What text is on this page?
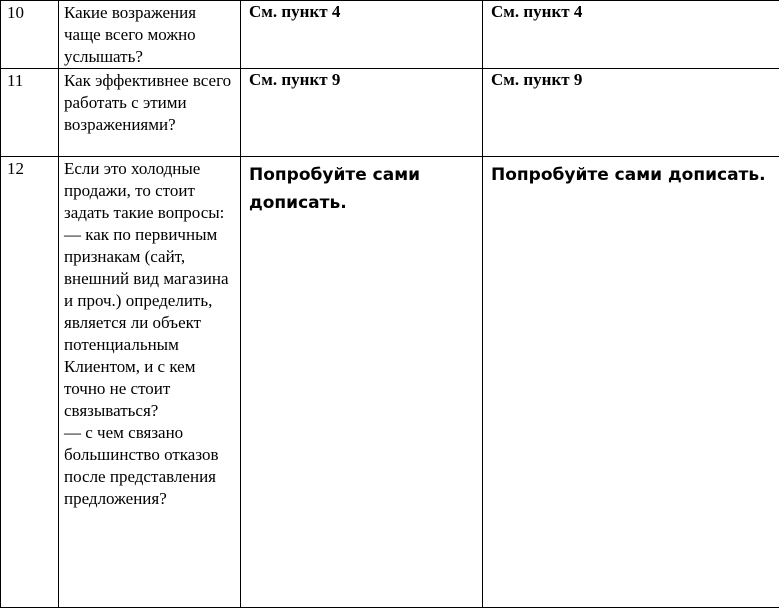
10	Какие возражения чаще всего можно услышать?	См. пункт 4	См. пункт 4

11	Как эффективнее всего работать с этими возражениями?	См. пункт 9	См. пункт 9

12	Если это холодные продажи, то стоит задать такие вопросы:
— как по первичным признакам (сайт, внешний вид магазина и проч.) определить, является ли объект потенциальным Клиентом, и с кем точно не стоит связываться?
— с чем связано большинство отказов после представления предложения?	Попробуйте сами дописать.	Попробуйте сами дописать.
